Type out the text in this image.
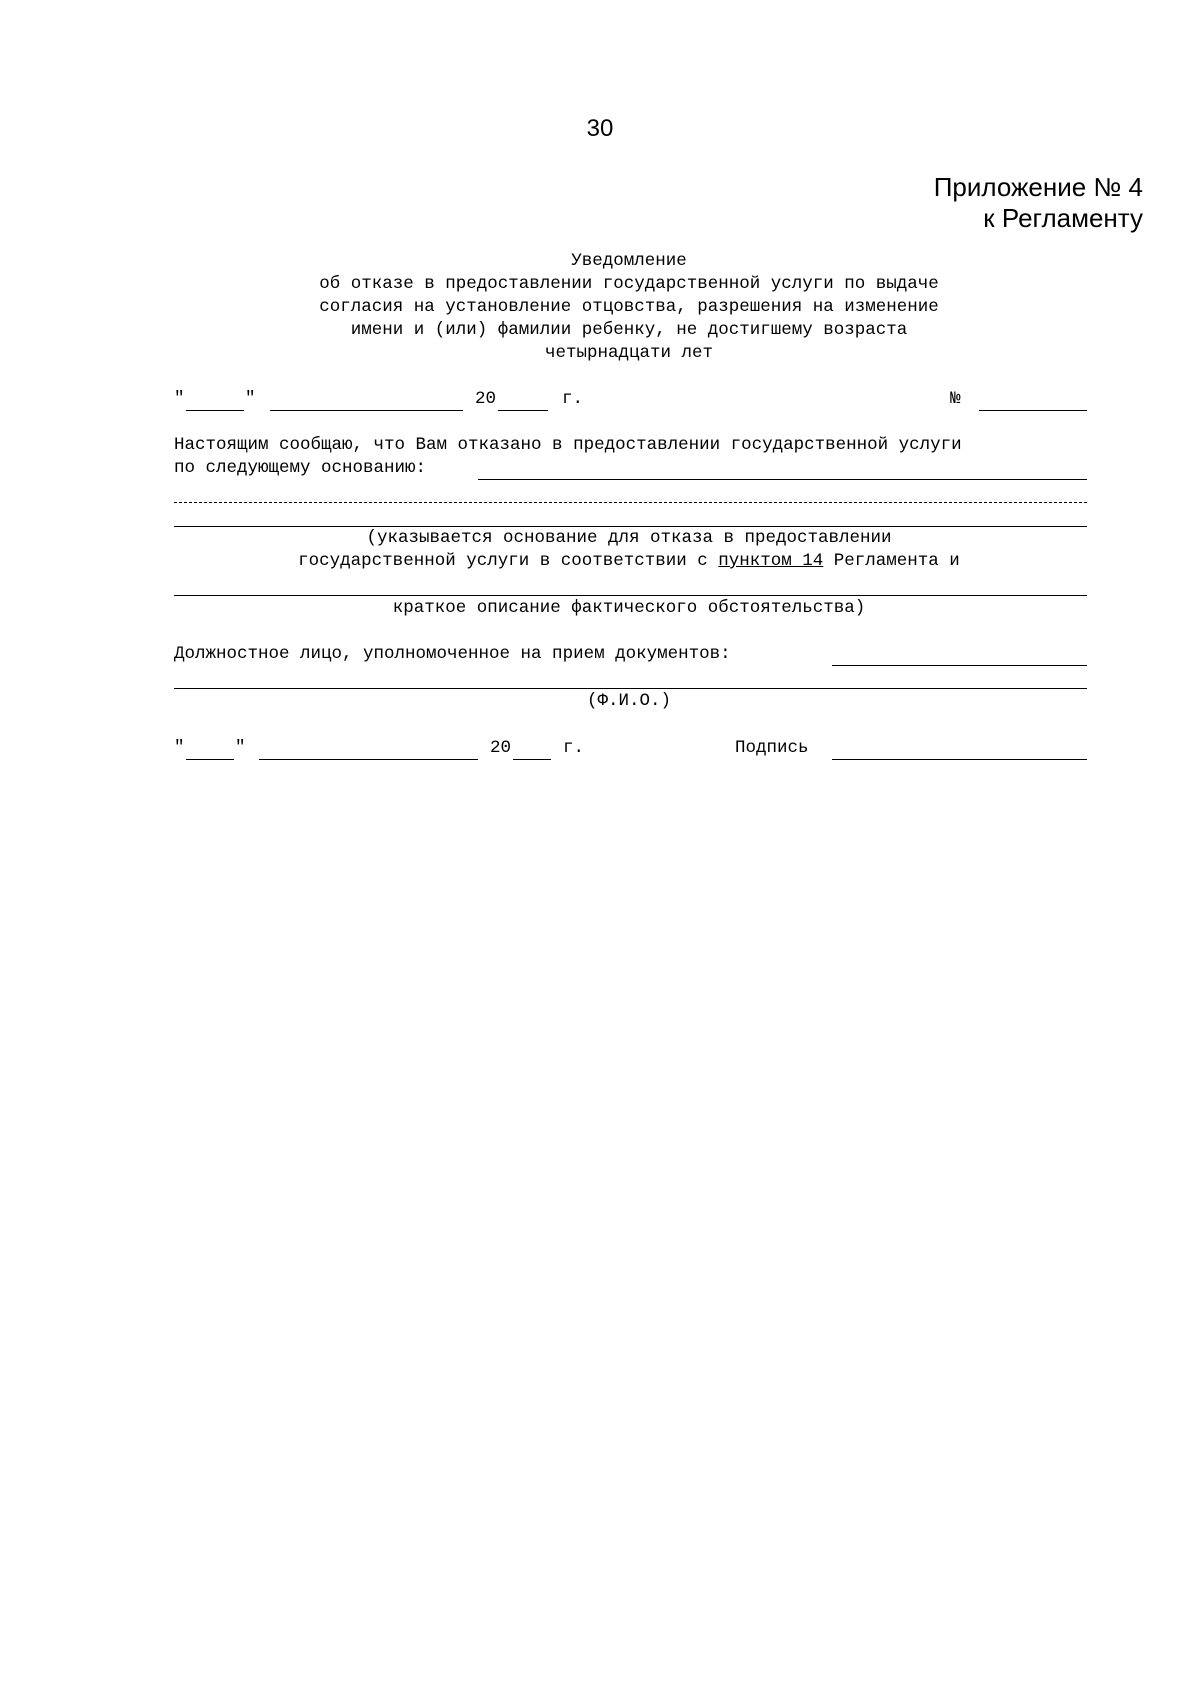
30
Приложение № 4
к Регламенту
Уведомление
об отказе в предоставлении государственной услуги по выдаче
согласия на установление отцовства, разрешения на изменение
имени и (или) фамилии ребенку, не достигшему возраста
четырнадцати лет
"	"	20	г.	№
Настоящим сообщаю, что Вам отказано в предоставлении государственной услуги
по следующему основанию:
(указывается основание для отказа в предоставлении
государственной услуги в соответствии с пунктом 14 Регламента и
краткое описание фактического обстоятельства)
Должностное лицо, уполномоченное на прием документов:
(Ф.И.О.)
"	"	20	г.	Подпись
